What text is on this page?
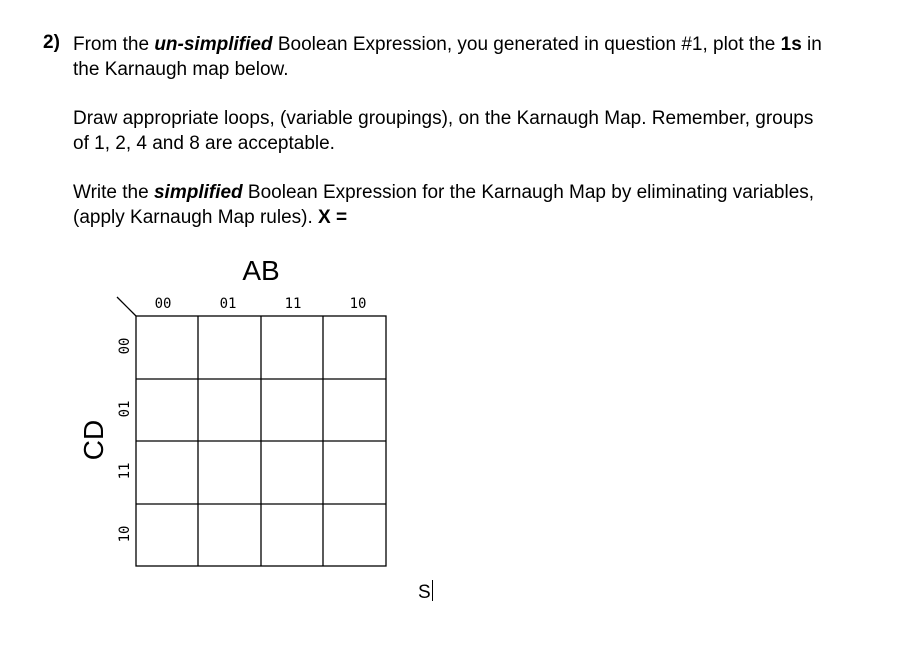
2) From the un-simplified Boolean Expression, you generated in question #1, plot the 1s in the Karnaugh map below.
Draw appropriate loops, (variable groupings), on the Karnaugh Map. Remember, groups of 1, 2, 4 and 8 are acceptable.
Write the simplified Boolean Expression for the Karnaugh Map by eliminating variables, (apply Karnaugh Map rules). X =
AB
CD
00	01	11	10
00
01
11
10
S
